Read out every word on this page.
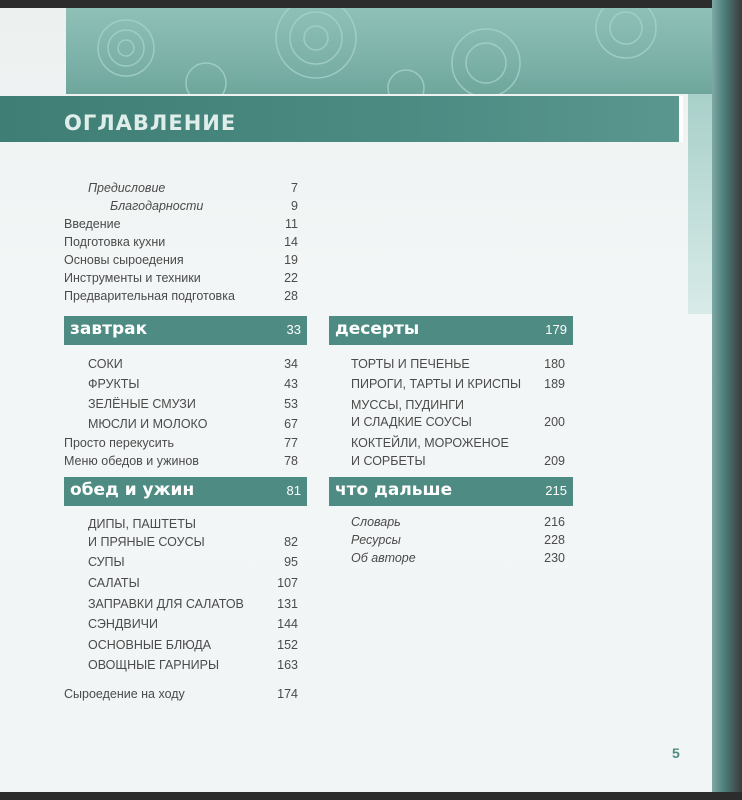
ОГЛАВЛЕНИЕ
Предисловие	7
Благодарности	9
Введение	11
Подготовка кухни	14
Основы сыроедения	19
Инструменты и техники	22
Предварительная подготовка	28
завтрак	33
СОКИ	34
ФРУКТЫ	43
ЗЕЛЁНЫЕ СМУЗИ	53
МЮСЛИ И МОЛОКО	67
Просто перекусить	77
Меню обедов и ужинов	78
обед и ужин	81
ДИПЫ, ПАШТЕТЫ
И ПРЯНЫЕ СОУСЫ	82
СУПЫ	95
САЛАТЫ	107
ЗАПРАВКИ ДЛЯ САЛАТОВ	131
СЭНДВИЧИ	144
ОСНОВНЫЕ БЛЮДА	152
ОВОЩНЫЕ ГАРНИРЫ	163
Сыроедение на ходу	174
десерты	179
ТОРТЫ И ПЕЧЕНЬЕ	180
ПИРОГИ, ТАРТЫ И КРИСПЫ	189
МУССЫ, ПУДИНГИ
И СЛАДКИЕ СОУСЫ	200
КОКТЕЙЛИ, МОРОЖЕНОЕ
И СОРБЕТЫ	209
что дальше	215
Словарь	216
Ресурсы	228
Об авторе	230
5
